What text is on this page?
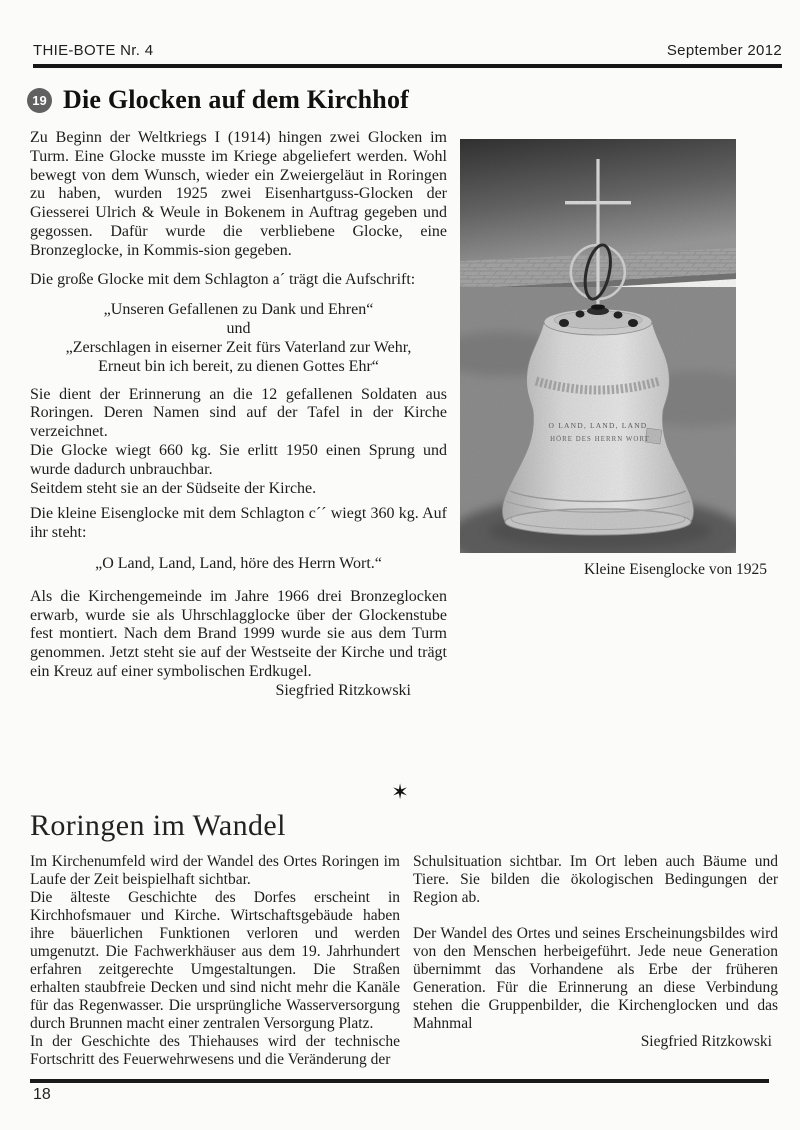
THIE-BOTE Nr. 4	September 2012
19 Die Glocken auf dem Kirchhof

Zu Beginn der Weltkriegs I (1914) hingen zwei Glocken im Turm. Eine Glocke musste im Kriege abgeliefert werden. Wohl bewegt von dem Wunsch, wieder ein Zweiergeläut in Roringen zu haben, wurden 1925 zwei Eisenhartguss-Glocken der Giesserei Ulrich & Weule in Bokenem in Auftrag gegeben und gegossen. Dafür wurde die verbliebene Glocke, eine Bronzeglocke, in Kommis-sion gegeben.

Die große Glocke mit dem Schlagton a´ trägt die Aufschrift:

„Unseren Gefallenen zu Dank und Ehren“
und
„Zerschlagen in eiserner Zeit fürs Vaterland zur Wehr,
Erneut bin ich bereit, zu dienen Gottes Ehr“

Sie dient der Erinnerung an die 12 gefallenen Soldaten aus Roringen. Deren Namen sind auf der Tafel in der Kirche verzeichnet.

Die Glocke wiegt 660 kg. Sie erlitt 1950 einen Sprung und wurde dadurch unbrauchbar.

Seitdem steht sie an der Südseite der Kirche.

Die kleine Eisenglocke mit dem Schlagton c´´ wiegt 360 kg. Auf ihr steht:

„O Land, Land, Land, höre des Herrn Wort.“

Als die Kirchengemeinde im Jahre 1966 drei Bronzeglocken erwarb, wurde sie als Uhrschlagglocke über der Glockenstube fest montiert. Nach dem Brand 1999 wurde sie aus dem Turm genommen. Jetzt steht sie auf der Westseite der Kirche und trägt ein Kreuz auf einer symbolischen Erdkugel.

Siegfried Ritzkowski

Kleine Eisenglocke von 1925
✶
Roringen im Wandel

Im Kirchenumfeld wird der Wandel des Ortes Roringen im Laufe der Zeit beispielhaft sichtbar.

Die älteste Geschichte des Dorfes erscheint in Kirchhofsmauer und Kirche. Wirtschaftsgebäude haben ihre bäuerlichen Funktionen verloren und werden umgenutzt. Die Fachwerkhäuser aus dem 19. Jahrhundert erfahren zeitgerechte Umgestaltungen. Die Straßen erhalten staubfreie Decken und sind nicht mehr die Kanäle für das Regenwasser. Die ursprüngliche Wasserversorgung durch Brunnen macht einer zentralen Versorgung Platz.

In der Geschichte des Thiehauses wird der technische Fortschritt des Feuerwehrwesens und die Veränderung der

Schulsituation sichtbar. Im Ort leben auch Bäume und Tiere. Sie bilden die ökologischen Bedingungen der Region ab.

Der Wandel des Ortes und seines Erscheinungsbildes wird von den Menschen herbeigeführt. Jede neue Generation übernimmt das Vorhandene als Erbe der früheren Generation. Für die Erinnerung an diese Verbindung stehen die Gruppenbilder, die Kirchenglocken und das Mahnmal

Siegfried Ritzkowski

18
